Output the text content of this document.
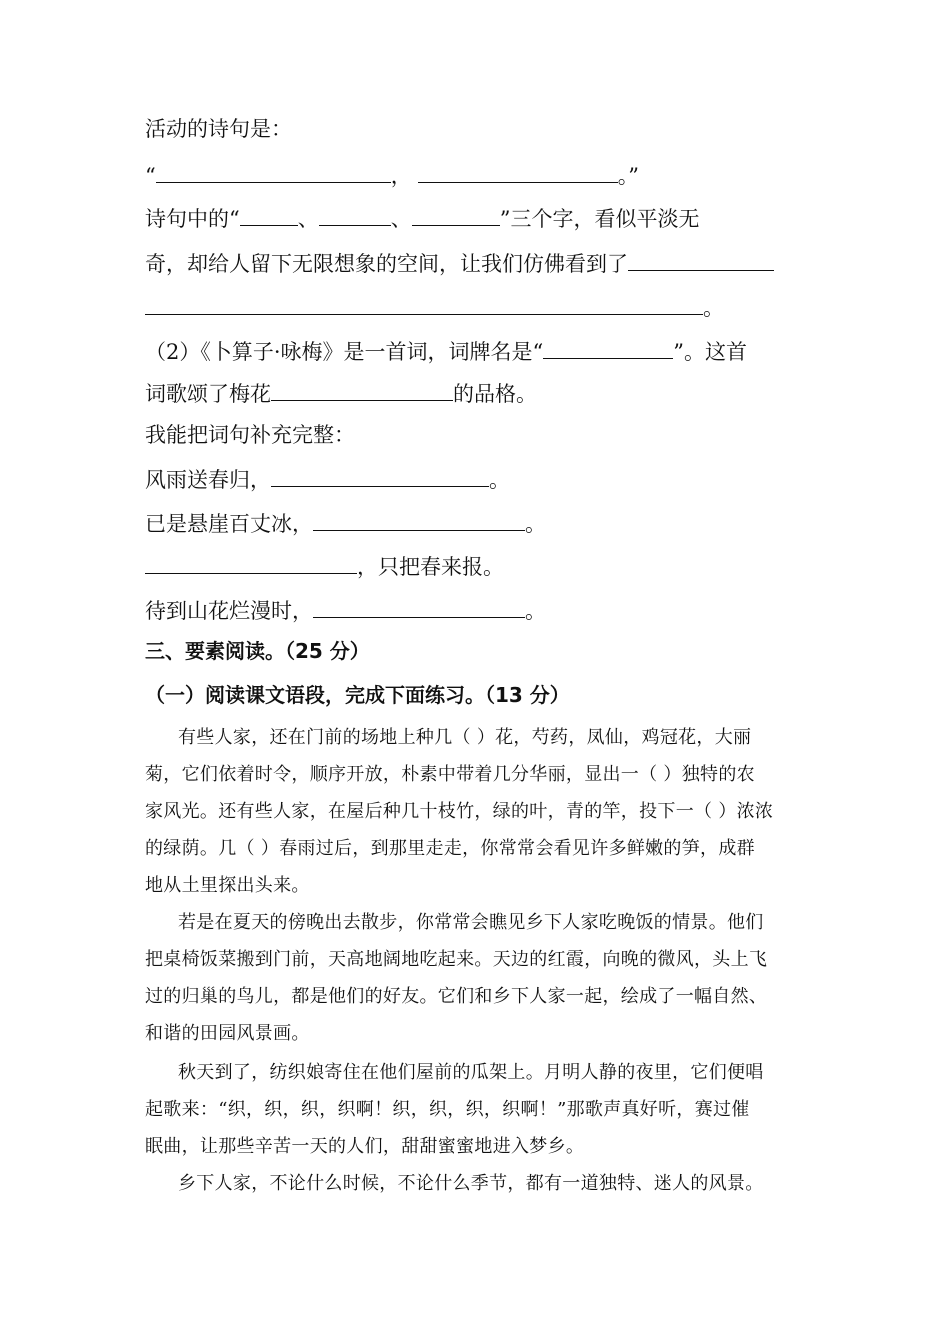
活动的诗句是：
“	，	。”
诗句中的“	、	、	”三个字，看似平淡无
奇，却给人留下无限想象的空间，让我们仿佛看到了
。
（2）《卜算子·咏梅》是一首词，词牌名是“	”。这首
词歌颂了梅花	的品格。
我能把词句补充完整：
风雨送春归，	。
已是悬崖百丈冰，	。
，只把春来报。
待到山花烂漫时，	。
三、要素阅读。（25 分）
（一）阅读课文语段，完成下面练习。（13 分）
有些人家，还在门前的场地上种几（ ）花，芍药，凤仙，鸡冠花，大丽
菊，它们依着时令，顺序开放，朴素中带着几分华丽，显出一（ ）独特的农
家风光。还有些人家，在屋后种几十枝竹，绿的叶，青的竿，投下一（ ）浓浓
的绿荫。几（ ）春雨过后，到那里走走，你常常会看见许多鲜嫩的笋，成群
地从土里探出头来。
若是在夏天的傍晚出去散步，你常常会瞧见乡下人家吃晚饭的情景。他们
把桌椅饭菜搬到门前，天高地阔地吃起来。天边的红霞，向晚的微风，头上飞
过的归巢的鸟儿，都是他们的好友。它们和乡下人家一起，绘成了一幅自然、
和谐的田园风景画。
秋天到了，纺织娘寄住在他们屋前的瓜架上。月明人静的夜里，它们便唱
起歌来：“织，织，织，织啊！织，织，织，织啊！”那歌声真好听，赛过催
眠曲，让那些辛苦一天的人们，甜甜蜜蜜地进入梦乡。
乡下人家，不论什么时候，不论什么季节，都有一道独特、迷人的风景。
